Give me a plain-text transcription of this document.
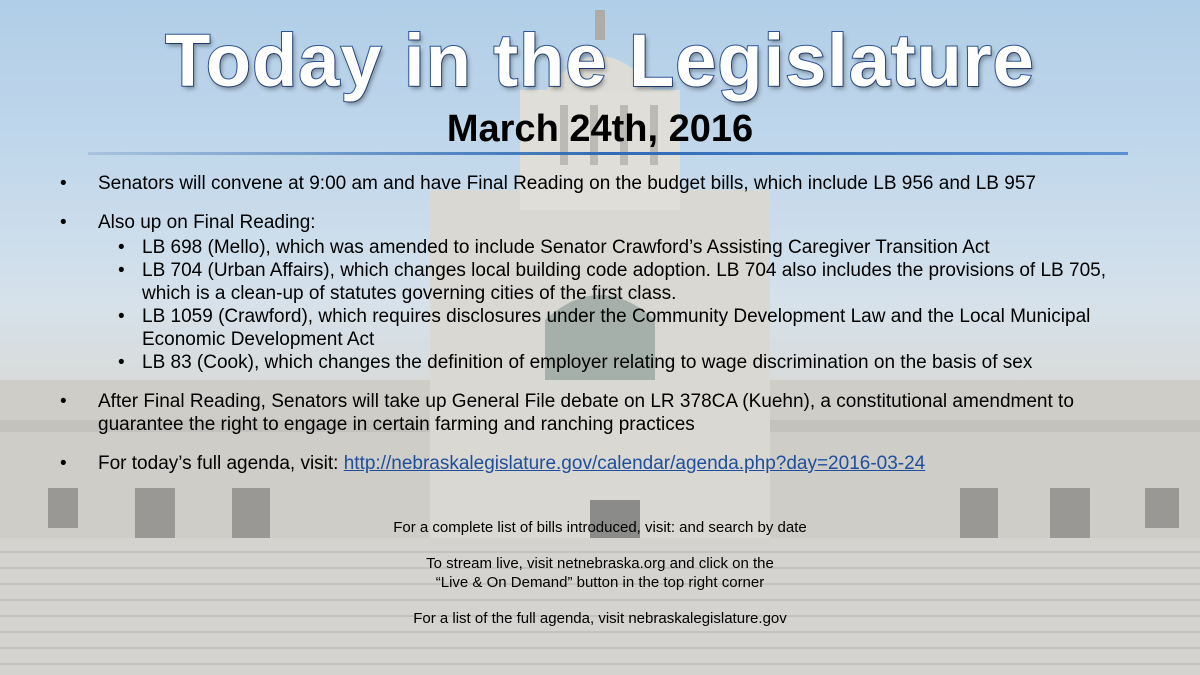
Today in the Legislature
March 24th, 2016
• Senators will convene at 9:00 am and have Final Reading on the budget bills, which include LB 956 and LB 957
• Also up on Final Reading:
• LB 698 (Mello), which was amended to include Senator Crawford’s Assisting Caregiver Transition Act
• LB 704 (Urban Affairs), which changes local building code adoption. LB 704 also includes the provisions of LB 705, which is a clean-up of statutes governing cities of the first class.
• LB 1059 (Crawford), which requires disclosures under the Community Development Law and the Local Municipal Economic Development Act
• LB 83 (Cook), which changes the definition of employer relating to wage discrimination on the basis of sex
• After Final Reading, Senators will take up General File debate on LR 378CA (Kuehn), a constitutional amendment to guarantee the right to engage in certain farming and ranching practices
• For today’s full agenda, visit: http://nebraskalegislature.gov/calendar/agenda.php?day=2016-03-24

For a complete list of bills introduced, visit: and search by date

To stream live, visit netnebraska.org and click on the
“Live & On Demand” button in the top right corner

For a list of the full agenda, visit nebraskalegislature.gov
